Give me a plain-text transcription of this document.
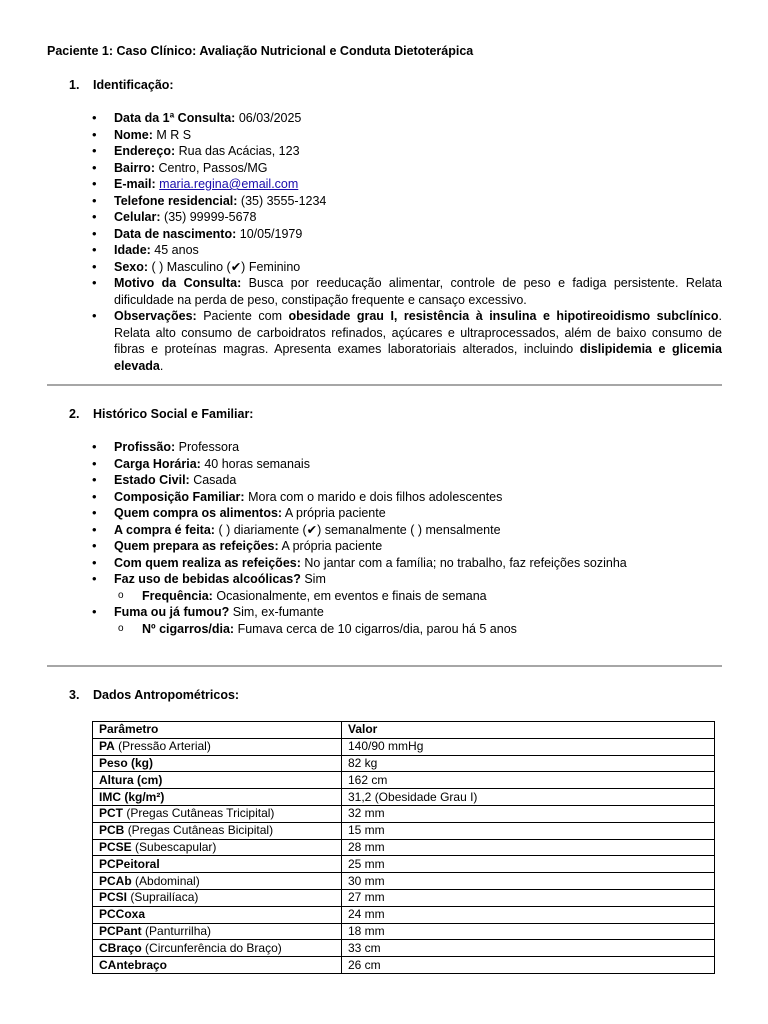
Paciente 1: Caso Clínico: Avaliação Nutricional e Conduta Dietoterápica
1. Identificação:
• Data da 1ª Consulta: 06/03/2025
• Nome: M R S
• Endereço: Rua das Acácias, 123
• Bairro: Centro, Passos/MG
• E-mail: maria.regina@email.com
• Telefone residencial: (35) 3555-1234
• Celular: (35) 99999-5678
• Data de nascimento: 10/05/1979
• Idade: 45 anos
• Sexo: ( ) Masculino (✔) Feminino
• Motivo da Consulta: Busca por reeducação alimentar, controle de peso e fadiga persistente. Relata dificuldade na perda de peso, constipação frequente e cansaço excessivo.
• Observações: Paciente com obesidade grau I, resistência à insulina e hipotireoidismo subclínico. Relata alto consumo de carboidratos refinados, açúcares e ultraprocessados, além de baixo consumo de fibras e proteínas magras. Apresenta exames laboratoriais alterados, incluindo dislipidemia e glicemia elevada.
2. Histórico Social e Familiar:
• Profissão: Professora
• Carga Horária: 40 horas semanais
• Estado Civil: Casada
• Composição Familiar: Mora com o marido e dois filhos adolescentes
• Quem compra os alimentos: A própria paciente
• A compra é feita: ( ) diariamente (✔) semanalmente ( ) mensalmente
• Quem prepara as refeições: A própria paciente
• Com quem realiza as refeições: No jantar com a família; no trabalho, faz refeições sozinha
• Faz uso de bebidas alcoólicas? Sim
o Frequência: Ocasionalmente, em eventos e finais de semana
• Fuma ou já fumou? Sim, ex-fumante
o Nº cigarros/dia: Fumava cerca de 10 cigarros/dia, parou há 5 anos
3. Dados Antropométricos:
Parâmetro	Valor
PA (Pressão Arterial)	140/90 mmHg
Peso (kg)	82 kg
Altura (cm)	162 cm
IMC (kg/m²)	31,2 (Obesidade Grau I)
PCT (Pregas Cutâneas Tricipital)	32 mm
PCB (Pregas Cutâneas Bicipital)	15 mm
PCSE (Subescapular)	28 mm
PCPeitoral	25 mm
PCAb (Abdominal)	30 mm
PCSI (Suprailíaca)	27 mm
PCCoxa	24 mm
PCPant (Panturrilha)	18 mm
CBraço (Circunferência do Braço)	33 cm
CAntebraço	26 cm
